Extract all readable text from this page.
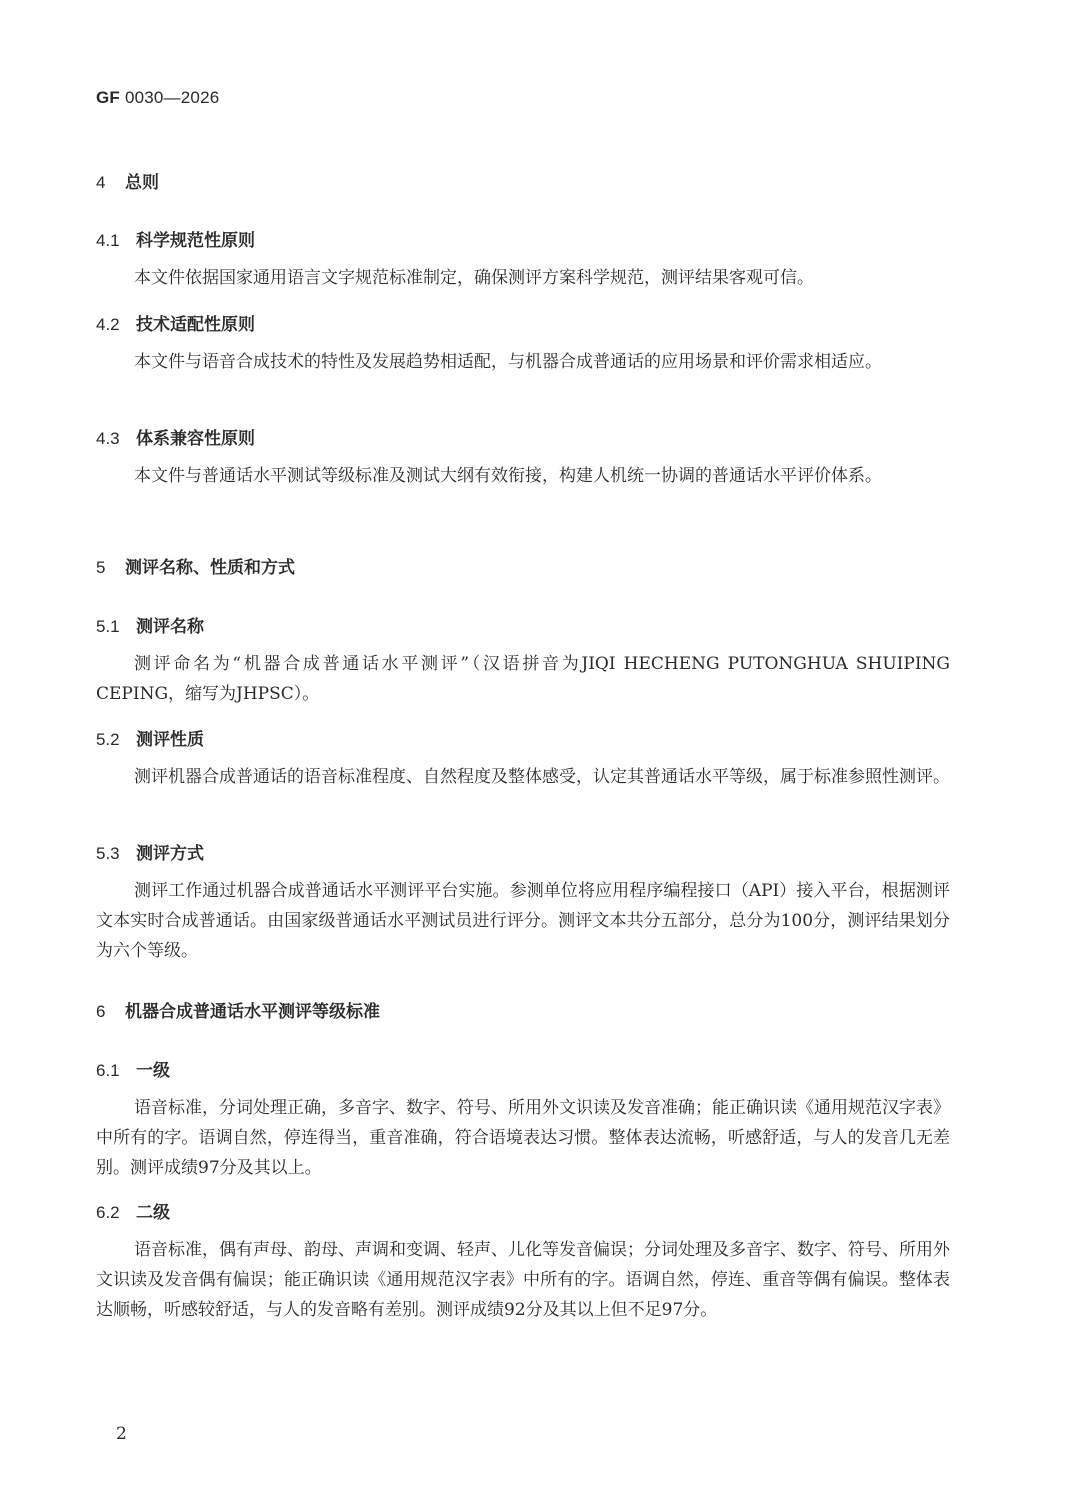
GF 0030—2026
4 总则
4.1 科学规范性原则

本文件依据国家通用语言文字规范标准制定，确保测评方案科学规范，测评结果客观可信。

4.2 技术适配性原则

本文件与语音合成技术的特性及发展趋势相适配，与机器合成普通话的应用场景和评价需求相适应。

4.3 体系兼容性原则

本文件与普通话水平测试等级标准及测试大纲有效衔接，构建人机统一协调的普通话水平评价体系。

5 测评名称、性质和方式
5.1 测评名称

测评命名为“机器合成普通话水平测评”（汉语拼音为JIQI HECHENG PUTONGHUA SHUIPING CEPING，缩写为JHPSC）。

5.2 测评性质

测评机器合成普通话的语音标准程度、自然程度及整体感受，认定其普通话水平等级，属于标准参照性测评。

5.3 测评方式

测评工作通过机器合成普通话水平测评平台实施。参测单位将应用程序编程接口（API）接入平台，根据测评文本实时合成普通话。由国家级普通话水平测试员进行评分。测评文本共分五部分，总分为100分，测评结果划分为六个等级。

6 机器合成普通话水平测评等级标准
6.1 一级

语音标准，分词处理正确，多音字、数字、符号、所用外文识读及发音准确；能正确识读《通用规范汉字表》中所有的字。语调自然，停连得当，重音准确，符合语境表达习惯。整体表达流畅，听感舒适，与人的发音几无差别。测评成绩97分及其以上。

6.2 二级

语音标准，偶有声母、韵母、声调和变调、轻声、儿化等发音偏误；分词处理及多音字、数字、符号、所用外文识读及发音偶有偏误；能正确识读《通用规范汉字表》中所有的字。语调自然，停连、重音等偶有偏误。整体表达顺畅，听感较舒适，与人的发音略有差别。测评成绩92分及其以上但不足97分。

2
